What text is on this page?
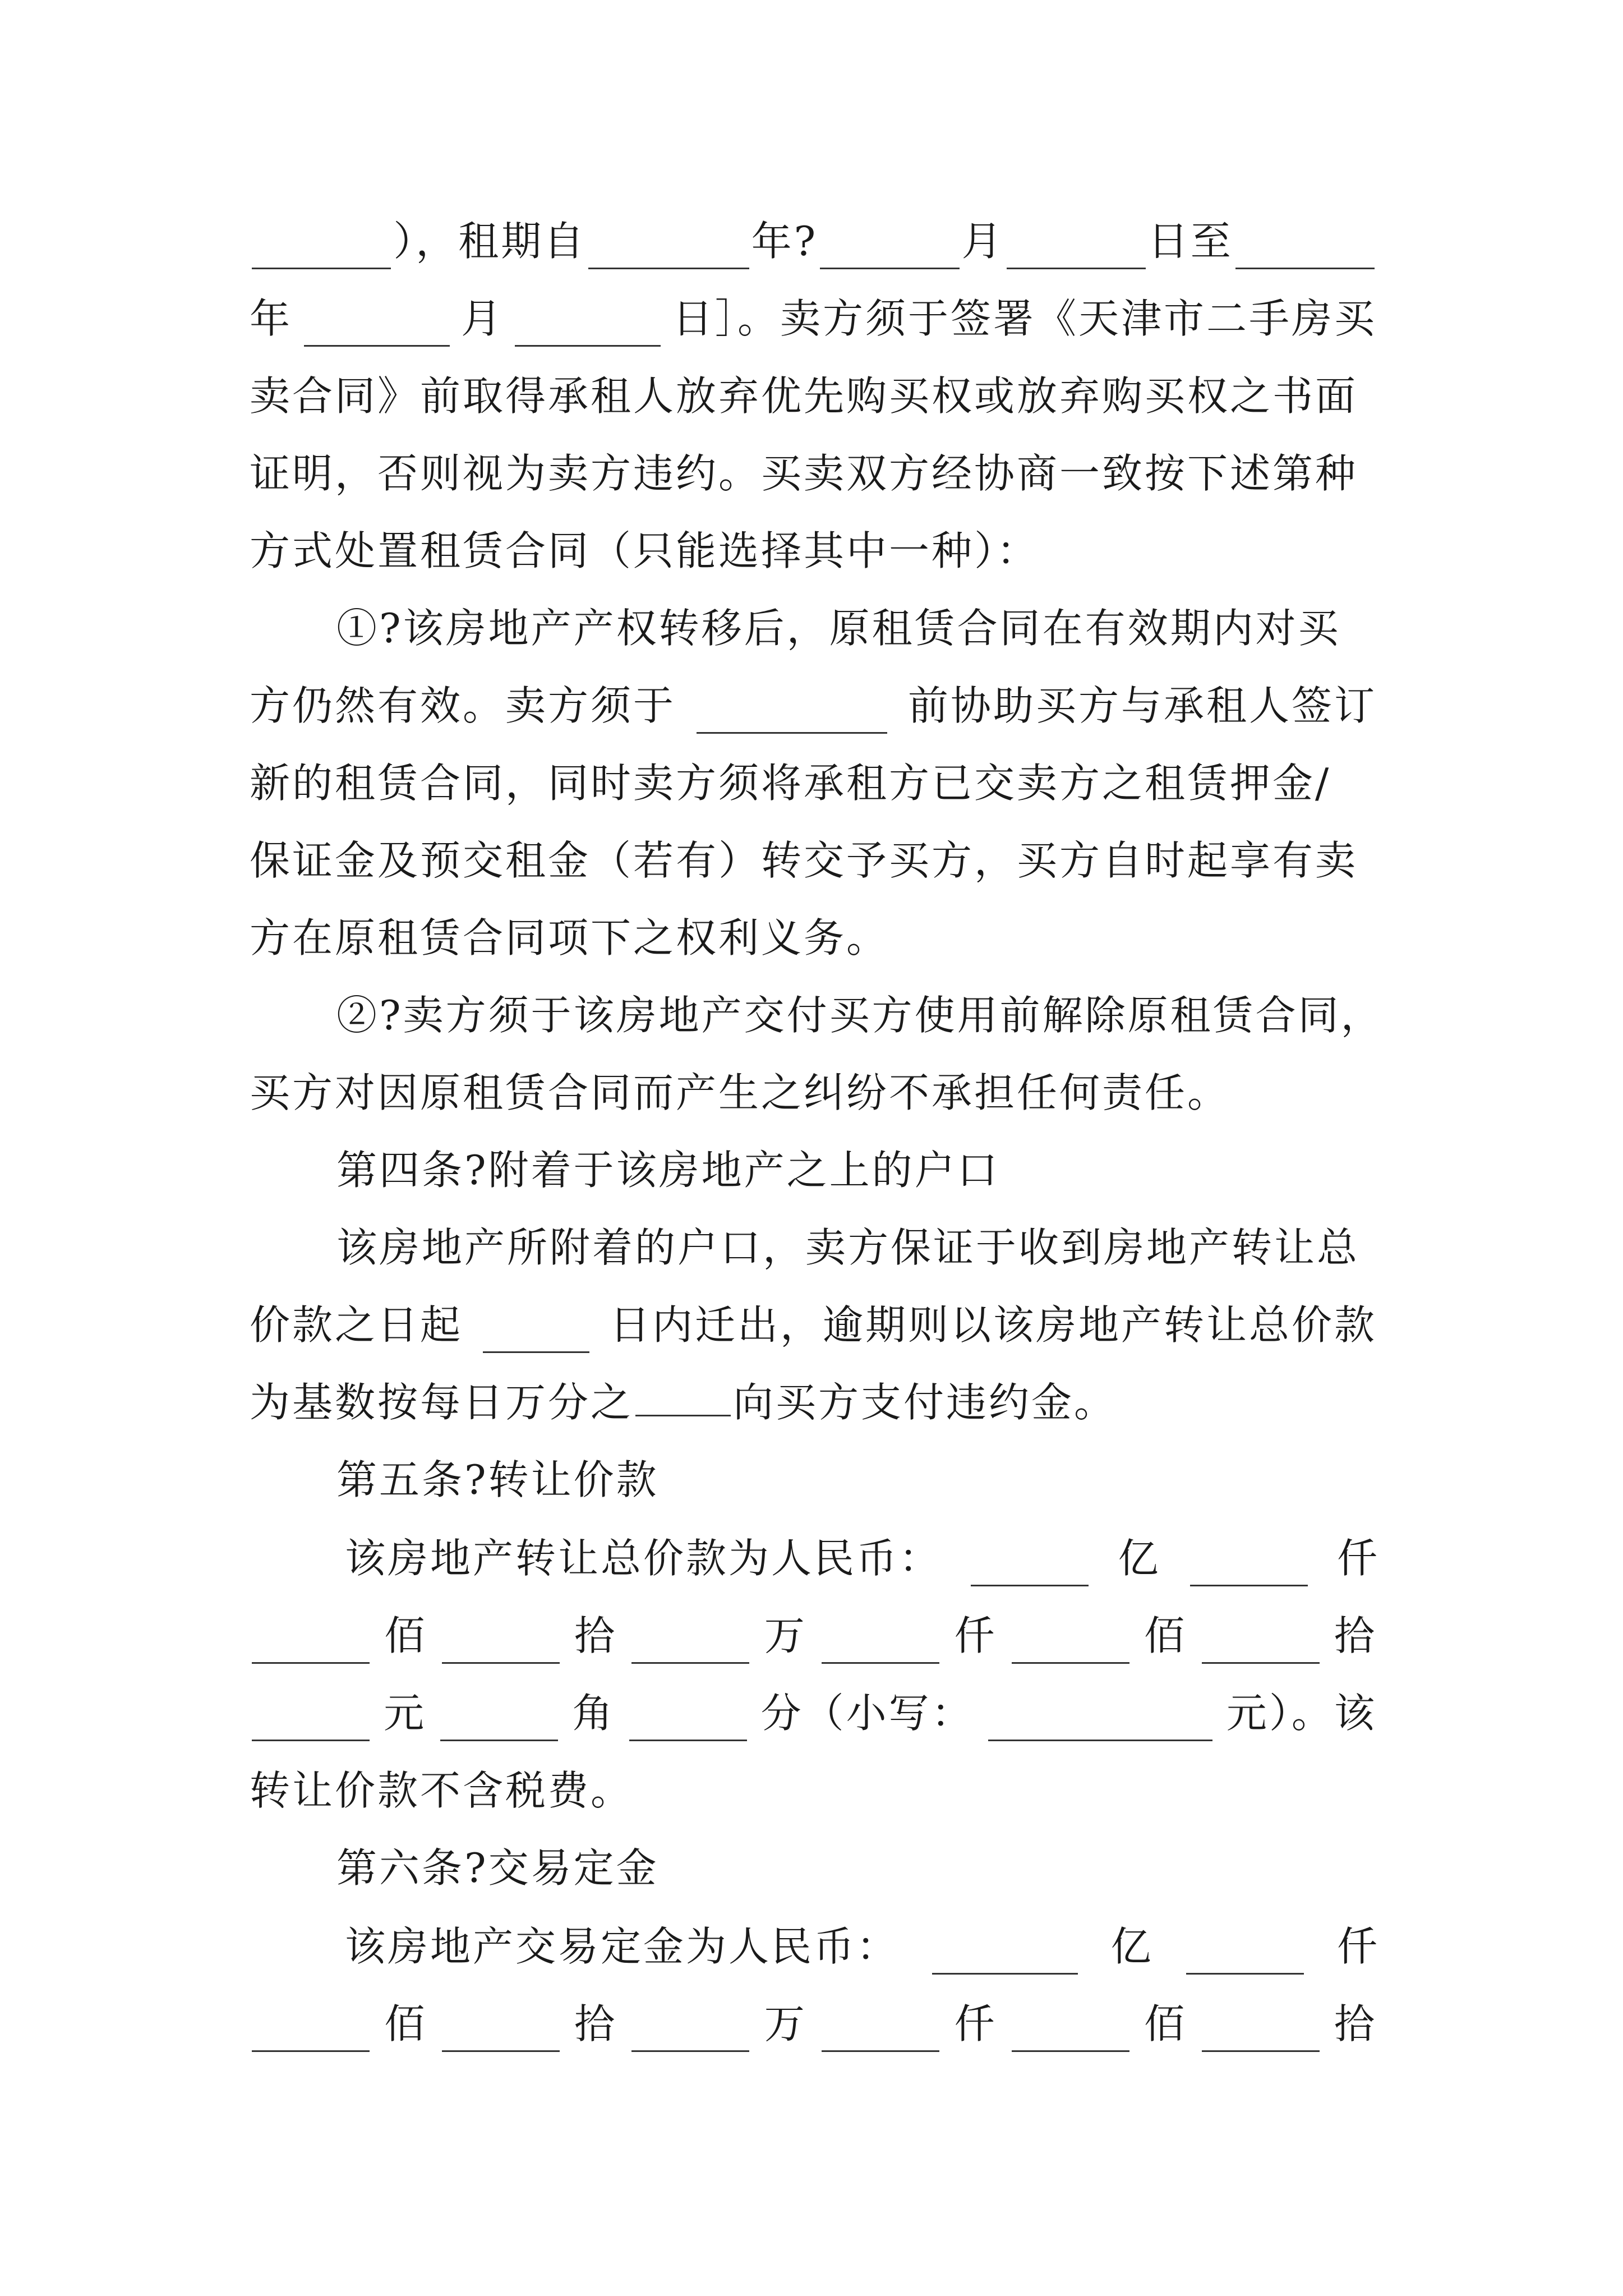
），租期自	年?	月	日至
年	月	日］。卖方须于签署《天津市二手房买
卖合同》前取得承租人放弃优先购买权或放弃购买权之书面
证明，否则视为卖方违约。买卖双方经协商一致按下述第种
方式处置租赁合同（只能选择其中一种）：
①?该房地产产权转移后，原租赁合同在有效期内对买
方仍然有效。卖方须于	前协助买方与承租人签订
新的租赁合同，同时卖方须将承租方已交卖方之租赁押金/
保证金及预交租金（若有）转交予买方，买方自时起享有卖
方在原租赁合同项下之权利义务。
②?卖方须于该房地产交付买方使用前解除原租赁合同，
买方对因原租赁合同而产生之纠纷不承担任何责任。
第四条?附着于该房地产之上的户口
该房地产所附着的户口，卖方保证于收到房地产转让总
价款之日起	日内迁出，逾期则以该房地产转让总价款
为基数按每日万分之 向买方支付违约金。
第五条?转让价款
该房地产转让总价款为人民币：	亿	仟
佰	拾	万	仟	佰	拾
元	角	分（小写：	元）。该
转让价款不含税费。
第六条?交易定金
该房地产交易定金为人民币：	亿	仟
佰	拾	万	仟	佰	拾
